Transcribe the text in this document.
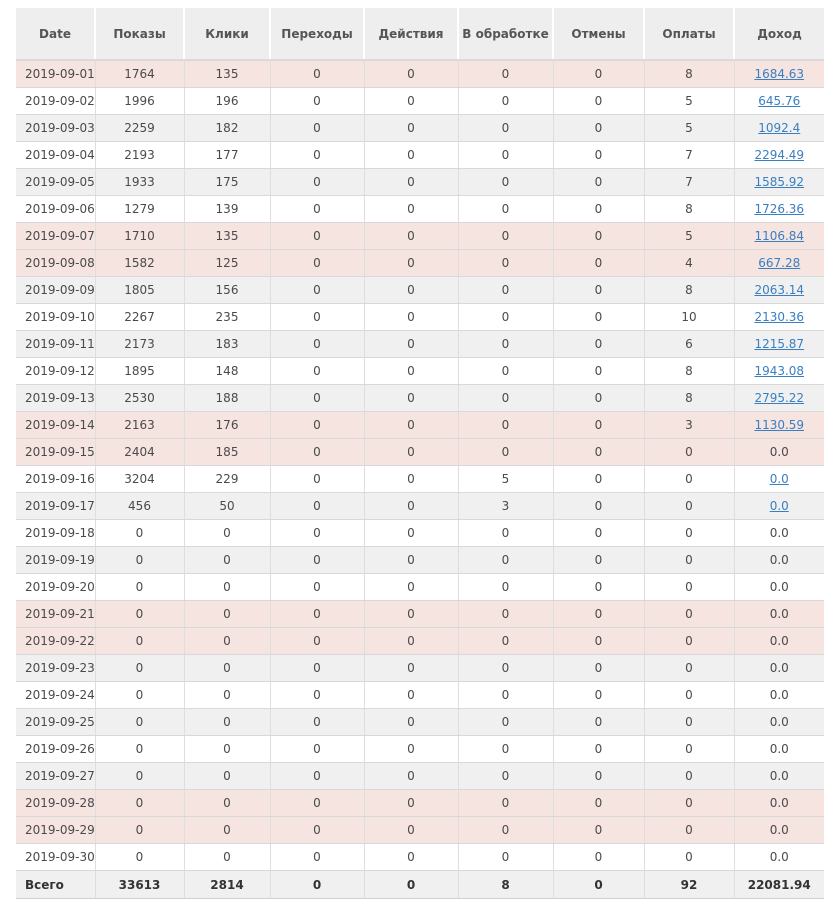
Date	Показы	Клики	Переходы	Действия	В обработке	Отмены	Оплаты	Доход
2019-09-01	1764	135	0	0	0	0	8	1684.63
2019-09-02	1996	196	0	0	0	0	5	645.76
2019-09-03	2259	182	0	0	0	0	5	1092.4
2019-09-04	2193	177	0	0	0	0	7	2294.49
2019-09-05	1933	175	0	0	0	0	7	1585.92
2019-09-06	1279	139	0	0	0	0	8	1726.36
2019-09-07	1710	135	0	0	0	0	5	1106.84
2019-09-08	1582	125	0	0	0	0	4	667.28
2019-09-09	1805	156	0	0	0	0	8	2063.14
2019-09-10	2267	235	0	0	0	0	10	2130.36
2019-09-11	2173	183	0	0	0	0	6	1215.87
2019-09-12	1895	148	0	0	0	0	8	1943.08
2019-09-13	2530	188	0	0	0	0	8	2795.22
2019-09-14	2163	176	0	0	0	0	3	1130.59
2019-09-15	2404	185	0	0	0	0	0	0.0
2019-09-16	3204	229	0	0	5	0	0	0.0
2019-09-17	456	50	0	0	3	0	0	0.0
2019-09-18	0	0	0	0	0	0	0	0.0
2019-09-19	0	0	0	0	0	0	0	0.0
2019-09-20	0	0	0	0	0	0	0	0.0
2019-09-21	0	0	0	0	0	0	0	0.0
2019-09-22	0	0	0	0	0	0	0	0.0
2019-09-23	0	0	0	0	0	0	0	0.0
2019-09-24	0	0	0	0	0	0	0	0.0
2019-09-25	0	0	0	0	0	0	0	0.0
2019-09-26	0	0	0	0	0	0	0	0.0
2019-09-27	0	0	0	0	0	0	0	0.0
2019-09-28	0	0	0	0	0	0	0	0.0
2019-09-29	0	0	0	0	0	0	0	0.0
2019-09-30	0	0	0	0	0	0	0	0.0
Всего	33613	2814	0	0	8	0	92	22081.94
